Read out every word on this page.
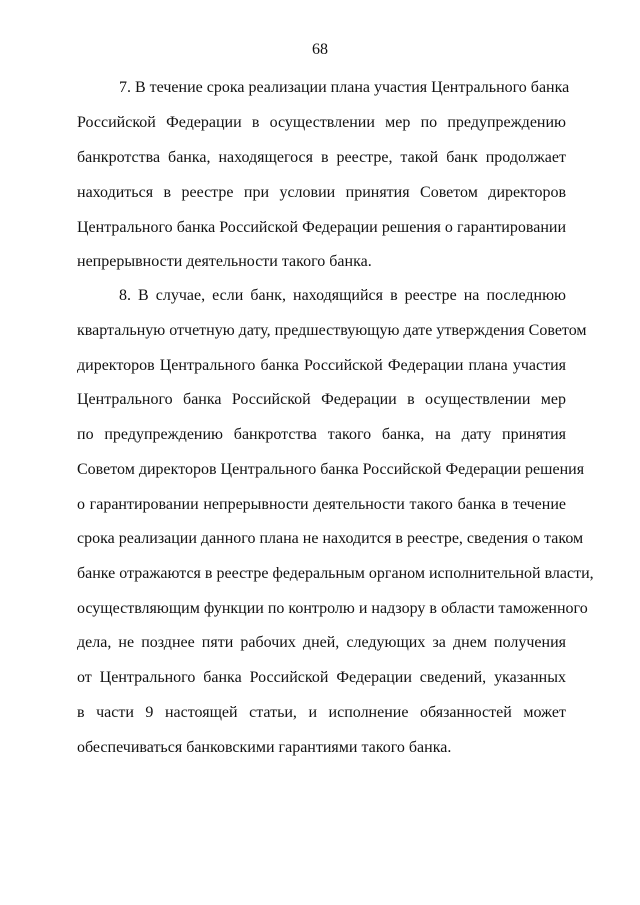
68
7. В течение срока реализации плана участия Центрального банка
Российской Федерации в осуществлении мер по предупреждению
банкротства банка, находящегося в реестре, такой банк продолжает
находиться в реестре при условии принятия Советом директоров
Центрального банка Российской Федерации решения о гарантировании
непрерывности деятельности такого банка.
8. В случае, если банк, находящийся в реестре на последнюю
квартальную отчетную дату, предшествующую дате утверждения Советом
директоров Центрального банка Российской Федерации плана участия
Центрального банка Российской Федерации в осуществлении мер
по предупреждению банкротства такого банка, на дату принятия
Советом директоров Центрального банка Российской Федерации решения
о гарантировании непрерывности деятельности такого банка в течение
срока реализации данного плана не находится в реестре, сведения о таком
банке отражаются в реестре федеральным органом исполнительной власти,
осуществляющим функции по контролю и надзору в области таможенного
дела, не позднее пяти рабочих дней, следующих за днем получения
от Центрального банка Российской Федерации сведений, указанных
в части 9 настоящей статьи, и исполнение обязанностей может
обеспечиваться банковскими гарантиями такого банка.
